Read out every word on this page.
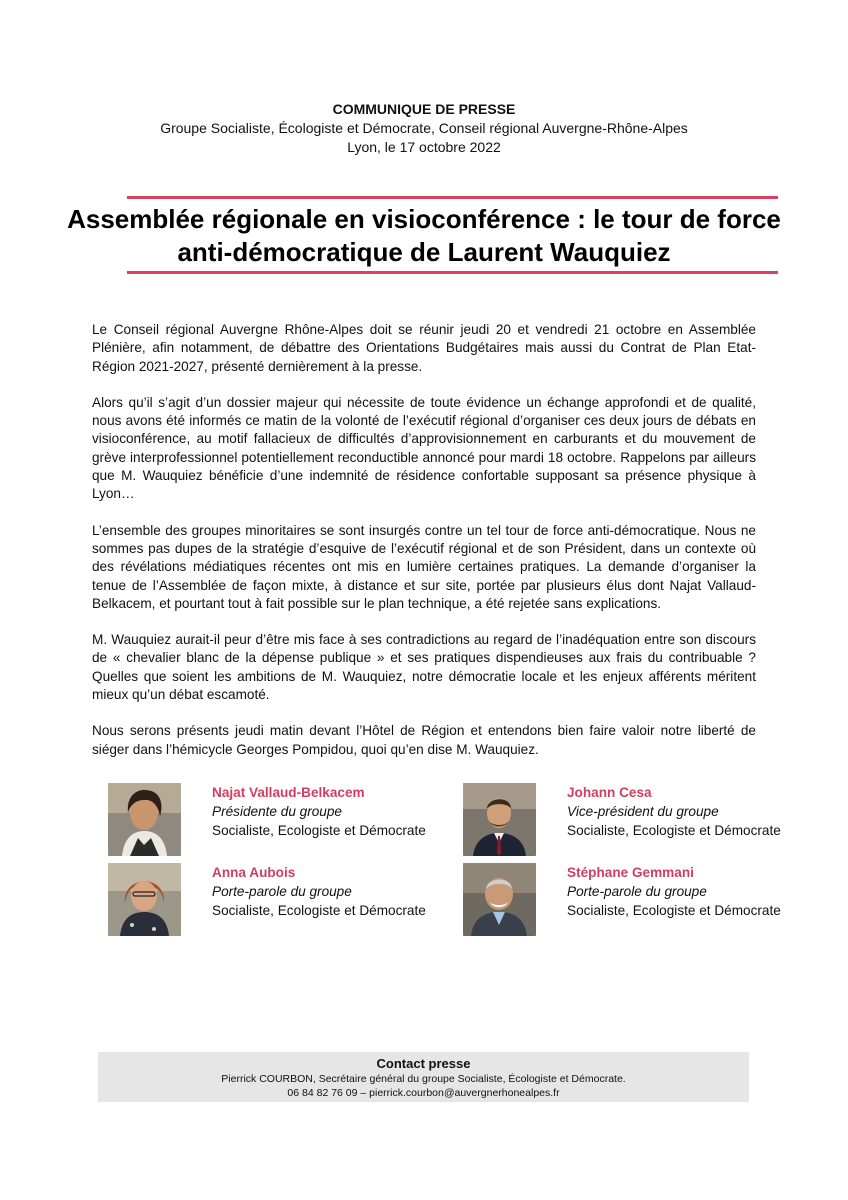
COMMUNIQUE DE PRESSE
Groupe Socialiste, Écologiste et Démocrate, Conseil régional Auvergne-Rhône-Alpes
Lyon, le 17 octobre 2022
Assemblée régionale en visioconférence : le tour de force
anti-démocratique de Laurent Wauquiez

Le Conseil régional Auvergne Rhône-Alpes doit se réunir jeudi 20 et vendredi 21 octobre en Assemblée Plénière, afin notamment, de débattre des Orientations Budgétaires mais aussi du Contrat de Plan Etat-Région 2021-2027, présenté dernièrement à la presse.

Alors qu’il s’agit d’un dossier majeur qui nécessite de toute évidence un échange approfondi et de qualité, nous avons été informés ce matin de la volonté de l’exécutif régional d’organiser ces deux jours de débats en visioconférence, au motif fallacieux de difficultés d’approvisionnement en carburants et du mouvement de grève interprofessionnel potentiellement reconductible annoncé pour mardi 18 octobre. Rappelons par ailleurs que M. Wauquiez bénéficie d’une indemnité de résidence confortable supposant sa présence physique à Lyon…

L’ensemble des groupes minoritaires se sont insurgés contre un tel tour de force anti-démocratique. Nous ne sommes pas dupes de la stratégie d’esquive de l’exécutif régional et de son Président, dans un contexte où des révélations médiatiques récentes ont mis en lumière certaines pratiques. La demande d’organiser la tenue de l’Assemblée de façon mixte, à distance et sur site, portée par plusieurs élus dont Najat Vallaud-Belkacem, et pourtant tout à fait possible sur le plan technique, a été rejetée sans explications.

M. Wauquiez aurait-il peur d’être mis face à ses contradictions au regard de l’inadéquation entre son discours de « chevalier blanc de la dépense publique » et ses pratiques dispendieuses aux frais du contribuable ? Quelles que soient les ambitions de M. Wauquiez, notre démocratie locale et les enjeux afférents méritent mieux qu’un débat escamoté.

Nous serons présents jeudi matin devant l’Hôtel de Région et entendons bien faire valoir notre liberté de siéger dans l’hémicycle Georges Pompidou, quoi qu’en dise M. Wauquiez.

Najat Vallaud-Belkacem
Présidente du groupe
Socialiste, Ecologiste et Démocrate
Johann Cesa
Vice-président du groupe
Socialiste, Ecologiste et Démocrate
Anna Aubois
Porte-parole du groupe
Socialiste, Ecologiste et Démocrate
Stéphane Gemmani
Porte-parole du groupe
Socialiste, Ecologiste et Démocrate
Contact presse
Pierrick COURBON, Secrétaire général du groupe Socialiste, Écologiste et Démocrate.
06 84 82 76 09 – pierrick.courbon@auvergnerhonealpes.fr
